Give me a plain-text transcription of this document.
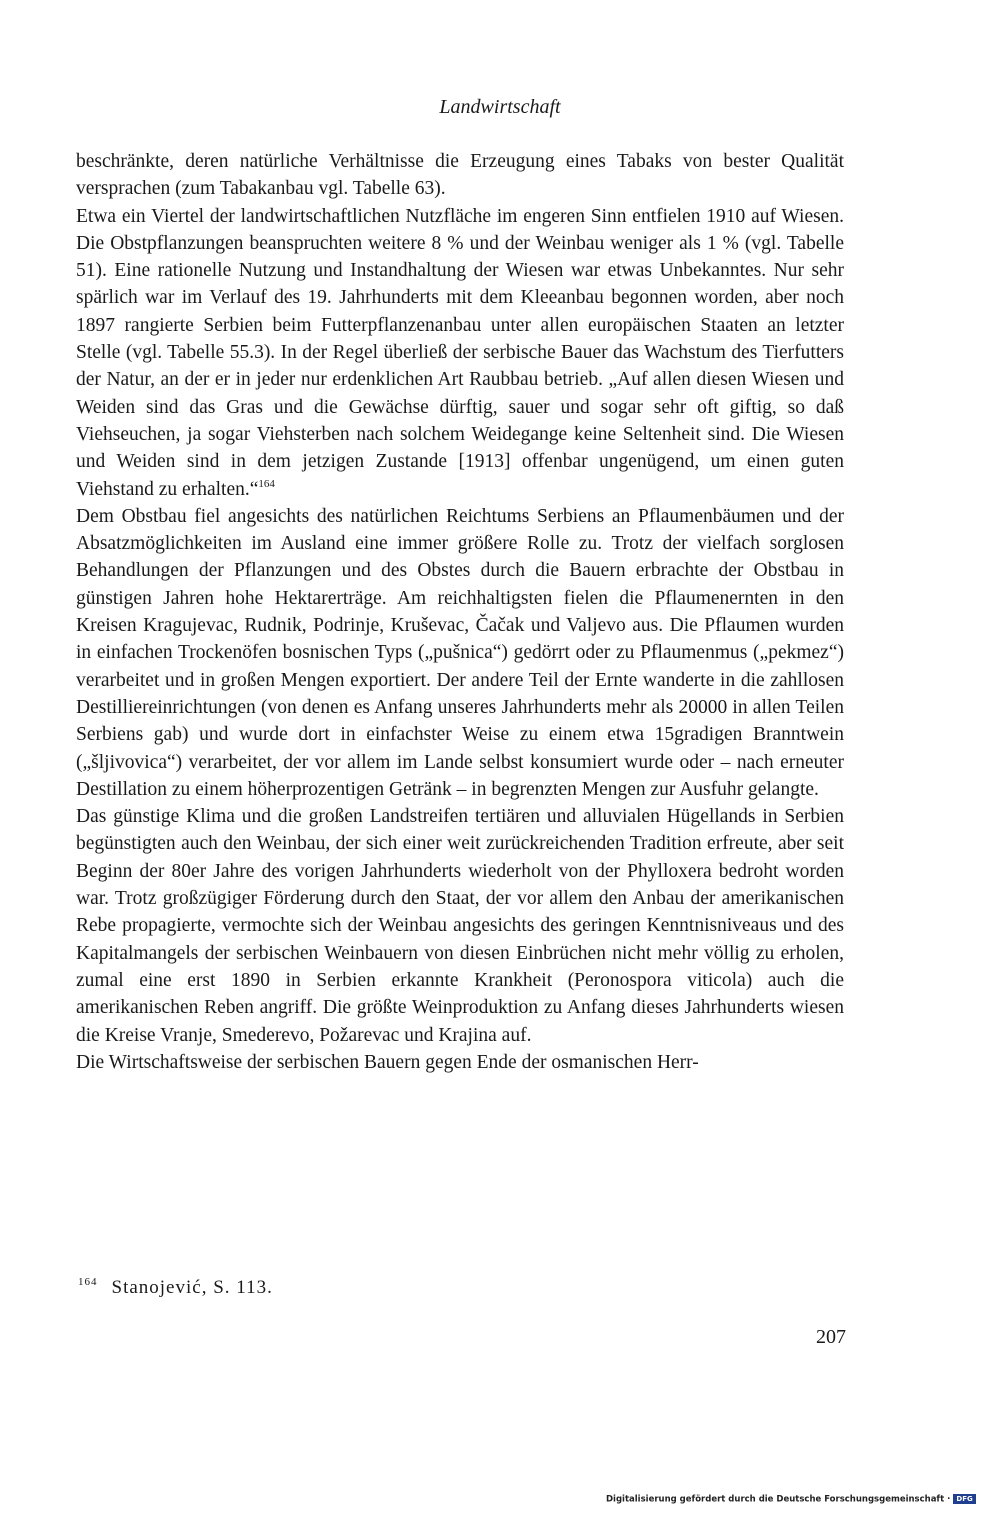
Landwirtschaft

beschränkte, deren natürliche Verhältnisse die Erzeugung eines Tabaks von bester Qualität versprachen (zum Tabakanbau vgl. Tabelle 63).

Etwa ein Viertel der landwirtschaftlichen Nutzfläche im engeren Sinn entfielen 1910 auf Wiesen. Die Obstpflanzungen beanspruchten weitere 8 % und der Weinbau weniger als 1 % (vgl. Tabelle 51). Eine rationelle Nutzung und Instandhaltung der Wiesen war etwas Unbekanntes. Nur sehr spärlich war im Verlauf des 19. Jahrhunderts mit dem Kleeanbau begonnen worden, aber noch 1897 rangierte Serbien beim Futterpflanzenanbau unter allen europäischen Staaten an letzter Stelle (vgl. Tabelle 55.3). In der Regel überließ der serbische Bauer das Wachstum des Tierfutters der Natur, an der er in jeder nur erdenklichen Art Raubbau betrieb. „Auf allen diesen Wiesen und Weiden sind das Gras und die Gewächse dürftig, sauer und sogar sehr oft giftig, so daß Viehseuchen, ja sogar Viehsterben nach solchem Weidegange keine Seltenheit sind. Die Wiesen und Weiden sind in dem jetzigen Zustande [1913] offenbar ungenügend, um einen guten Viehstand zu erhalten.“$^{164}$

Dem Obstbau fiel angesichts des natürlichen Reichtums Serbiens an Pflaumenbäumen und der Absatzmöglichkeiten im Ausland eine immer größere Rolle zu. Trotz der vielfach sorglosen Behandlungen der Pflanzungen und des Obstes durch die Bauern erbrachte der Obstbau in günstigen Jahren hohe Hektarerträge. Am reichhaltigsten fielen die Pflaumenernten in den Kreisen Kragujevac, Rudnik, Podrinje, Kruševac, Čačak und Valjevo aus. Die Pflaumen wurden in einfachen Trockenöfen bosnischen Typs („pušnica“) gedörrt oder zu Pflaumenmus („pekmez“) verarbeitet und in großen Mengen exportiert. Der andere Teil der Ernte wanderte in die zahllosen Destilliereinrichtungen (von denen es Anfang unseres Jahrhunderts mehr als 20000 in allen Teilen Serbiens gab) und wurde dort in einfachster Weise zu einem etwa 15gradigen Branntwein („šljivovica“) verarbeitet, der vor allem im Lande selbst konsumiert wurde oder – nach erneuter Destillation zu einem höherprozentigen Getränk – in begrenzten Mengen zur Ausfuhr gelangte.

Das günstige Klima und die großen Landstreifen tertiären und alluvialen Hügellands in Serbien begünstigten auch den Weinbau, der sich einer weit zurückreichenden Tradition erfreute, aber seit Beginn der 80er Jahre des vorigen Jahrhunderts wiederholt von der Phylloxera bedroht worden war. Trotz großzügiger Förderung durch den Staat, der vor allem den Anbau der amerikanischen Rebe propagierte, vermochte sich der Weinbau angesichts des geringen Kenntnisniveaus und des Kapitalmangels der serbischen Weinbauern von diesen Einbrüchen nicht mehr völlig zu erholen, zumal eine erst 1890 in Serbien erkannte Krankheit (Peronospora viticola) auch die amerikanischen Reben angriff. Die größte Weinproduktion zu Anfang dieses Jahrhunderts wiesen die Kreise Vranje, Smederevo, Požarevac und Krajina auf.

Die Wirtschaftsweise der serbischen Bauern gegen Ende der osmanischen Herr-

$^{164}$ Stanojević, S. 113.
207
Digitalisierung gefördert durch die Deutsche Forschungsgemeinschaft · DFG
